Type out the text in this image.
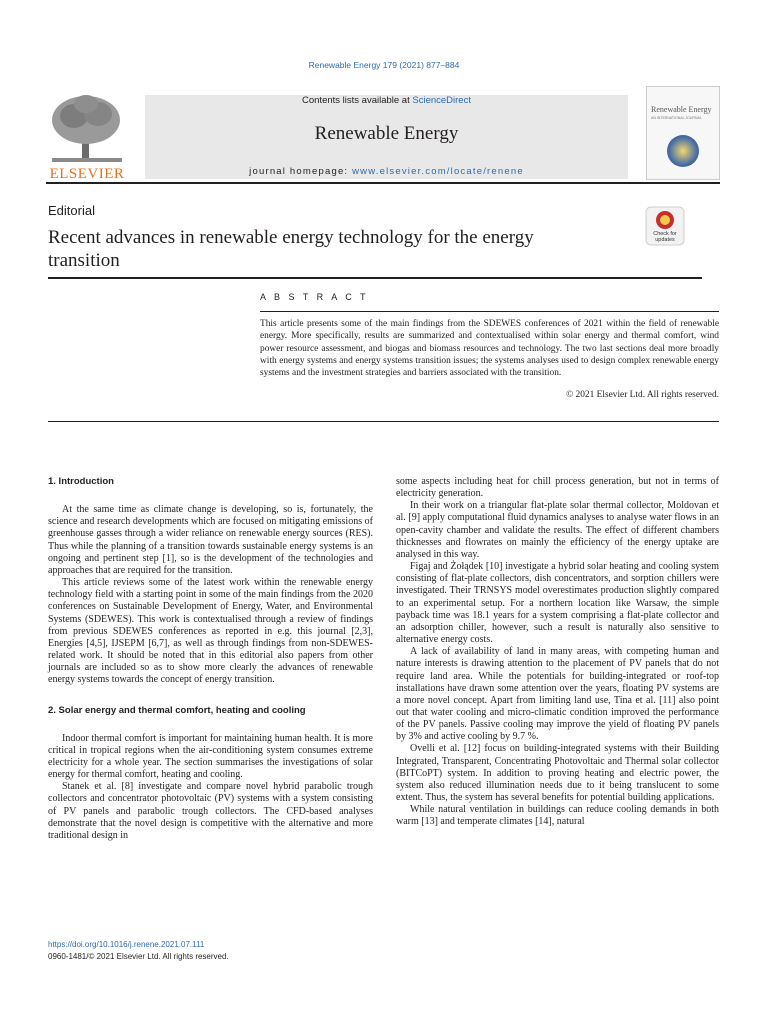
Renewable Energy 179 (2021) 877–884
ELSEVIER
Contents lists available at ScienceDirect
Renewable Energy
journal homepage: www.elsevier.com/locate/renene
Renewable Energy
AN INTERNATIONAL JOURNAL
Editorial
Recent advances in renewable energy technology for the energy transition
Check for updates
A B S T R A C T
This article presents some of the main findings from the SDEWES conferences of 2021 within the field of renewable energy. More specifically, results are summarized and contextualised within solar energy and thermal comfort, wind power resource assessment, and biogas and biomass resources and technology. The two last sections deal more broadly with energy systems and energy systems transition issues; the systems analyses used to design complex renewable energy systems and the investment strategies and barriers associated with the transition.
© 2021 Elsevier Ltd. All rights reserved.

1. Introduction

At the same time as climate change is developing, so is, fortunately, the science and research developments which are focused on mitigating emissions of greenhouse gasses through a wider reliance on renewable energy sources (RES). Thus while the planning of a transition towards sustainable energy systems is an ongoing and pertinent step [1], so is the development of the technologies and approaches that are required for the transition.

This article reviews some of the latest work within the renewable energy technology field with a starting point in some of the main findings from the 2020 conferences on Sustainable Development of Energy, Water, and Environmental Systems (SDEWES). This work is contextualised through a review of findings from previous SDEWES conferences as reported in e.g. this journal [2,3], Energies [4,5], IJSEPM [6,7], as well as through findings from non-SDEWES-related work. It should be noted that in this editorial also papers from other journals are included so as to show more clearly the advances of renewable energy systems towards the concept of energy transition.

2. Solar energy and thermal comfort, heating and cooling

Indoor thermal comfort is important for maintaining human health. It is more critical in tropical regions when the air-conditioning system consumes extreme electricity for a whole year. The section summarises the investigations of solar energy for thermal comfort, heating and cooling.

Stanek et al. [8] investigate and compare novel hybrid parabolic trough collectors and concentrator photovoltaic (PV) systems with a system consisting of PV panels and parabolic trough collectors. The CFD-based analyses demonstrate that the novel design is competitive with the alternative and more traditional design in

some aspects including heat for chill process generation, but not in terms of electricity generation.

In their work on a triangular flat-plate solar thermal collector, Moldovan et al. [9] apply computational fluid dynamics analyses to analyse water flows in an open-cavity chamber and validate the results. The effect of different chambers thicknesses and flowrates on mainly the efficiency of the energy uptake are analysed in this way.

Figaj and Żołądek [10] investigate a hybrid solar heating and cooling system consisting of flat-plate collectors, dish concentrators, and sorption chillers were investigated. Their TRNSYS model overestimates production slightly compared to an experimental setup. For a northern location like Warsaw, the simple payback time was 18.1 years for a system comprising a flat-plate collector and an adsorption chiller, however, such a result is naturally also sensitive to alternative energy costs.

A lack of availability of land in many areas, with competing human and nature interests is drawing attention to the placement of PV panels that do not require land area. While the potentials for building-integrated or roof-top installations have drawn some attention over the years, floating PV systems are a more novel concept. Apart from limiting land use, Tina et al. [11] also point out that water cooling and micro-climatic condition improved the performance of the PV panels. Passive cooling may improve the yield of floating PV panels by 3% and active cooling by 9.7 %.

Ovelli et al. [12] focus on building-integrated systems with their Building Integrated, Transparent, Concentrating Photovoltaic and Thermal solar collector (BITCoPT) system. In addition to proving heating and electric power, the system also reduced illumination needs due to it being translucent to some extent. Thus, the system has several benefits for potential building applications.

While natural ventilation in buildings can reduce cooling demands in both warm [13] and temperate climates [14], natural

https://doi.org/10.1016/j.renene.2021.07.111
0960-1481/© 2021 Elsevier Ltd. All rights reserved.
